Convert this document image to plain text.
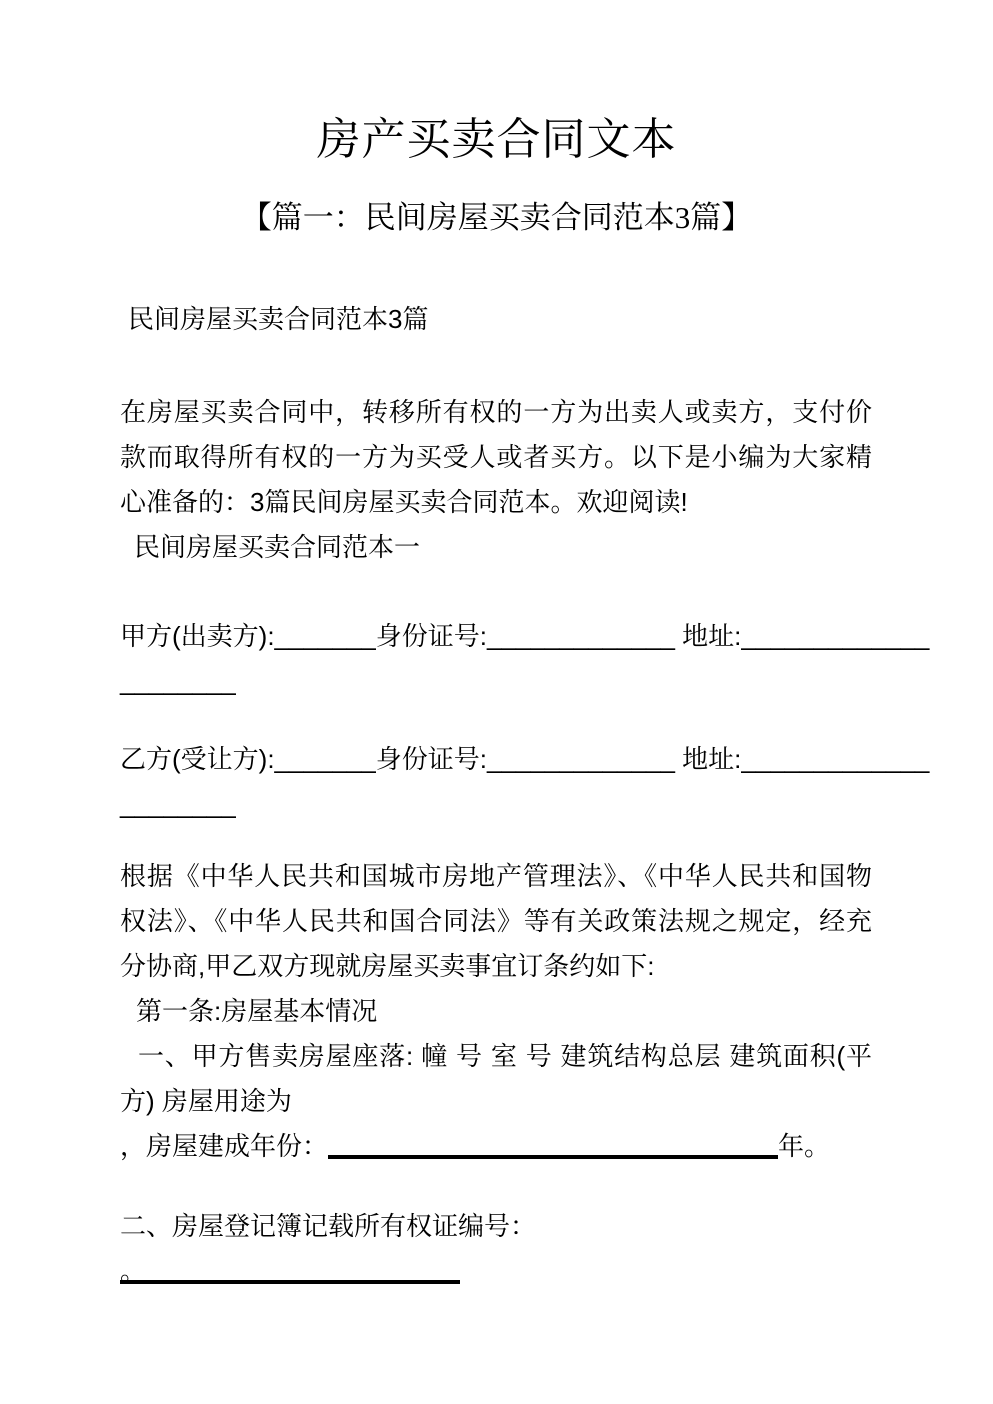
房产买卖合同文本
【篇一：民间房屋买卖合同范本3篇】
民间房屋买卖合同范本3篇
在房屋买卖合同中，转移所有权的一方为出卖人或卖方，支付价款而取得所有权的一方为买受人或者买方。以下是小编为大家精心准备的：3篇民间房屋买卖合同范本。欢迎阅读!
民间房屋买卖合同范本一
甲方(出卖方):_______身份证号:_____________ 地址:_____________
________
乙方(受让方):_______身份证号:_____________ 地址:_____________
________
根据《中华人民共和国城市房地产管理法》、《中华人民共和国物权法》、《中华人民共和国合同法》等有关政策法规之规定，经充分协商,甲乙双方现就房屋买卖事宜订条约如下:
第一条:房屋基本情况
一、甲方售卖房屋座落: 幢 号 室 号 建筑结构总层 建筑面积(平方) 房屋用途为
，房屋建成年份：	年。
二、房屋登记簿记载所有权证编号：
。
